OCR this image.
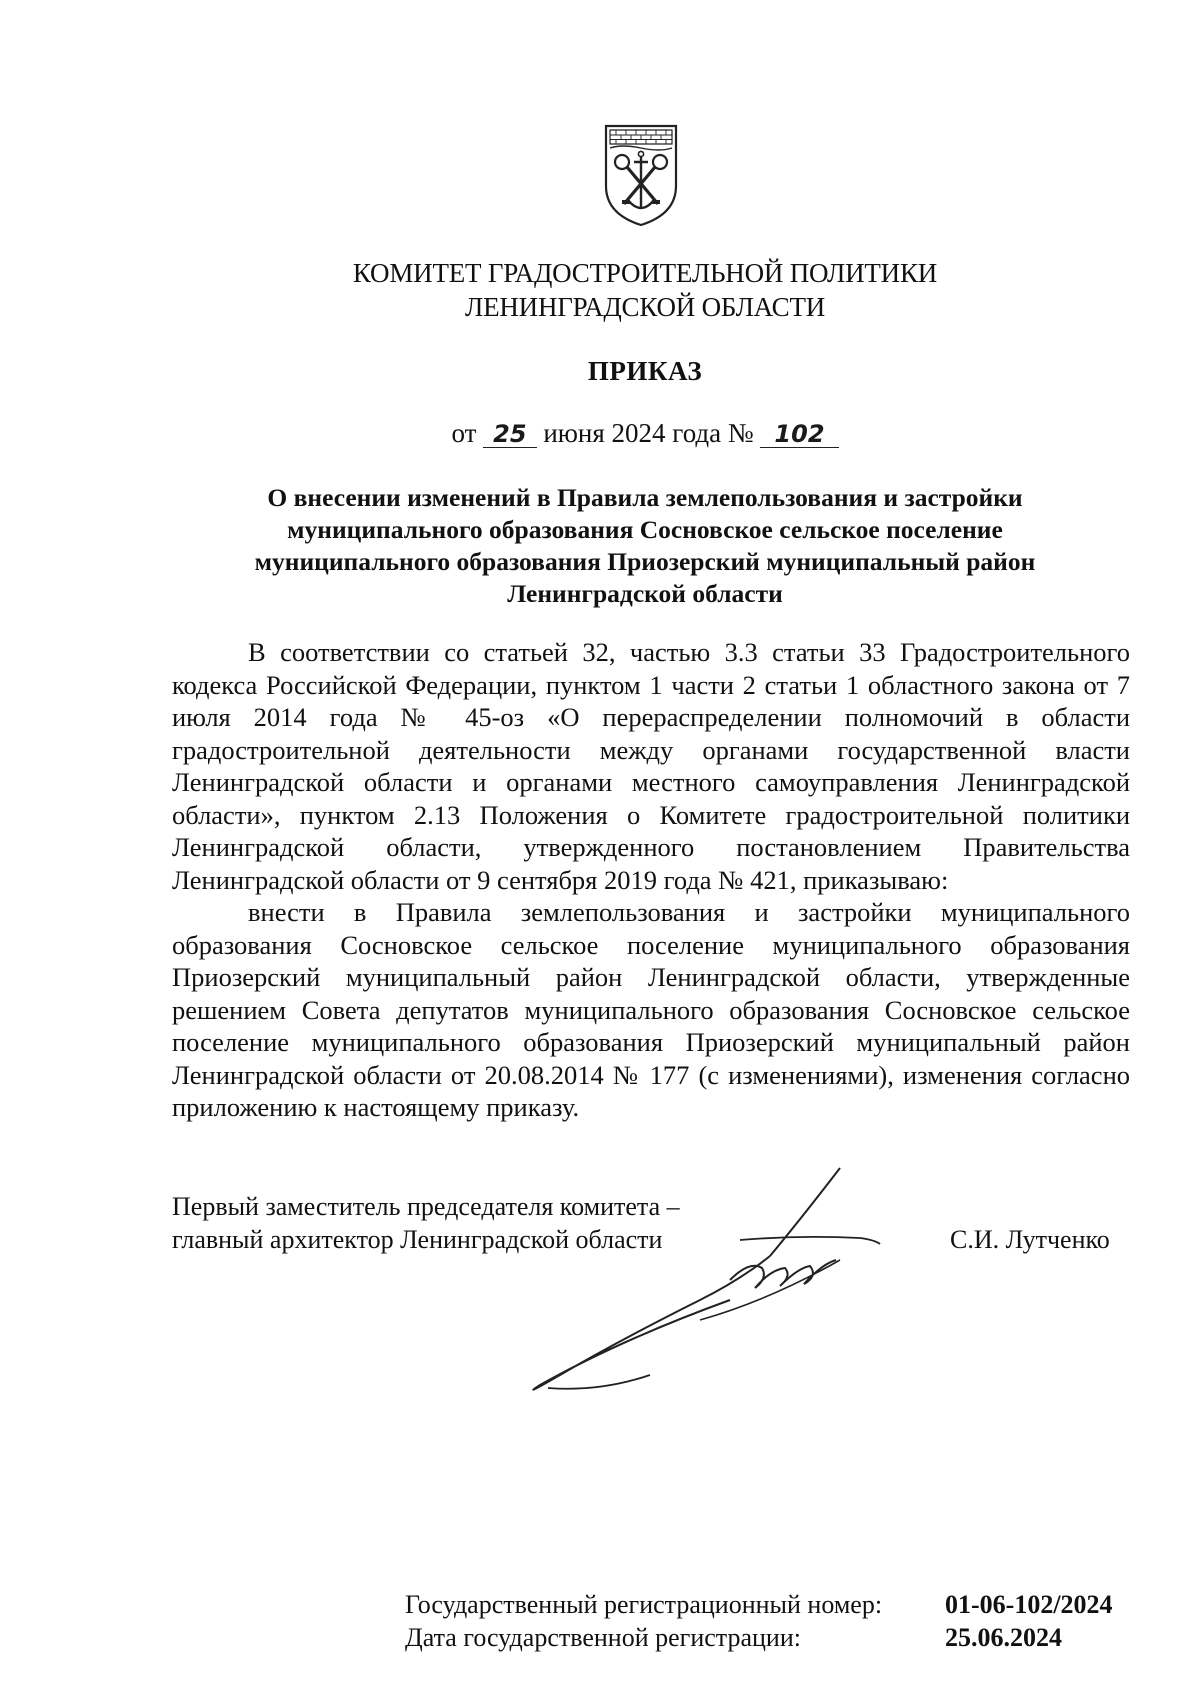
КОМИТЕТ ГРАДОСТРОИТЕЛЬНОЙ ПОЛИТИКИ
ЛЕНИНГРАДСКОЙ ОБЛАСТИ
ПРИКАЗ
от 25 июня 2024 года № 102
О внесении изменений в Правила землепользования и застройки
муниципального образования Сосновское сельское поселение
муниципального образования Приозерский муниципальный район
Ленинградской области

В соответствии со статьей 32, частью 3.3 статьи 33 Градостроительного кодекса Российской Федерации, пунктом 1 части 2 статьи 1 областного закона от 7 июля 2014 года № 45-оз «О перераспределении полномочий в области градостроительной деятельности между органами государственной власти Ленинградской области и органами местного самоуправления Ленинградской области», пунктом 2.13 Положения о Комитете градостроительной политики Ленинградской области, утвержденного постановлением Правительства Ленинградской области от 9 сентября 2019 года № 421, приказываю:

внести в Правила землепользования и застройки муниципального образования Сосновское сельское поселение муниципального образования Приозерский муниципальный район Ленинградской области, утвержденные решением Совета депутатов муниципального образования Сосновское сельское поселение муниципального образования Приозерский муниципальный район Ленинградской области от 20.08.2014 № 177 (с изменениями), изменения согласно приложению к настоящему приказу.

Первый заместитель председателя комитета –
главный архитектор Ленинградской области	С.И. Лутченко
Государственный регистрационный номер:	01-06-102/2024
Дата государственной регистрации:	25.06.2024
